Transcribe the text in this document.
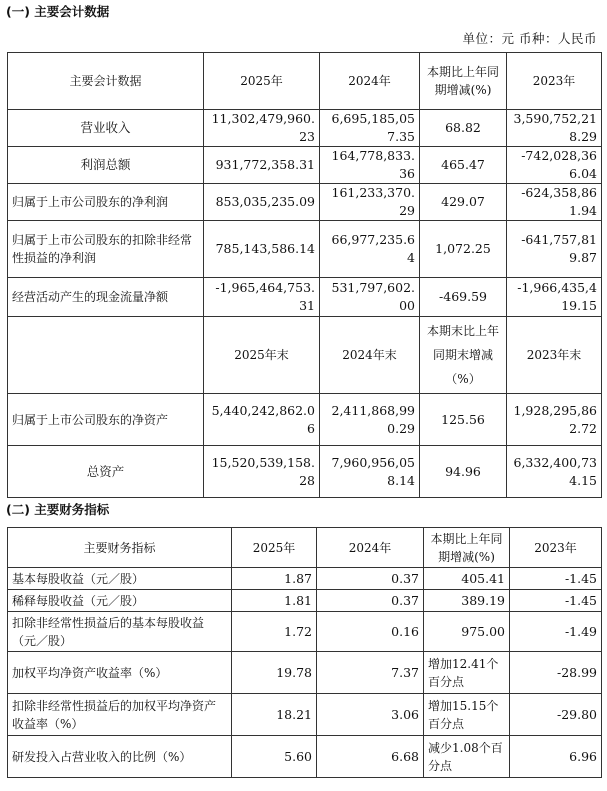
(一) 主要会计数据
单位：元 币种：人民币
主要会计数据	2025年	2024年	本期比上年同期增减(%)	2023年
营业收入	11,302,479,960.23	6,695,185,057.35	68.82	3,590,752,218.29
利润总额	931,772,358.31	164,778,833.36	465.47	-742,028,366.04
归属于上市公司股东的净利润	853,035,235.09	161,233,370.29	429.07	-624,358,861.94
归属于上市公司股东的扣除非经常性损益的净利润	785,143,586.14	66,977,235.64	1,072.25	-641,757,819.87
经营活动产生的现金流量净额	-1,965,464,753.31	531,797,602.00	-469.59	-1,966,435,419.15
	2025年末	2024年末	本期末比上年同期末增减（%）	2023年末
归属于上市公司股东的净资产	5,440,242,862.06	2,411,868,990.29	125.56	1,928,295,862.72
总资产	15,520,539,158.28	7,960,956,058.14	94.96	6,332,400,734.15
(二) 主要财务指标
主要财务指标	2025年	2024年	本期比上年同期增减(%)	2023年
基本每股收益（元／股）	1.87	0.37	405.41	-1.45
稀释每股收益（元／股）	1.81	0.37	389.19	-1.45
扣除非经常性损益后的基本每股收益（元／股）	1.72	0.16	975.00	-1.49
加权平均净资产收益率（%）	19.78	7.37	增加12.41个百分点	-28.99
扣除非经常性损益后的加权平均净资产收益率（%）	18.21	3.06	增加15.15个百分点	-29.80
研发投入占营业收入的比例（%）	5.60	6.68	减少1.08个百分点	6.96
